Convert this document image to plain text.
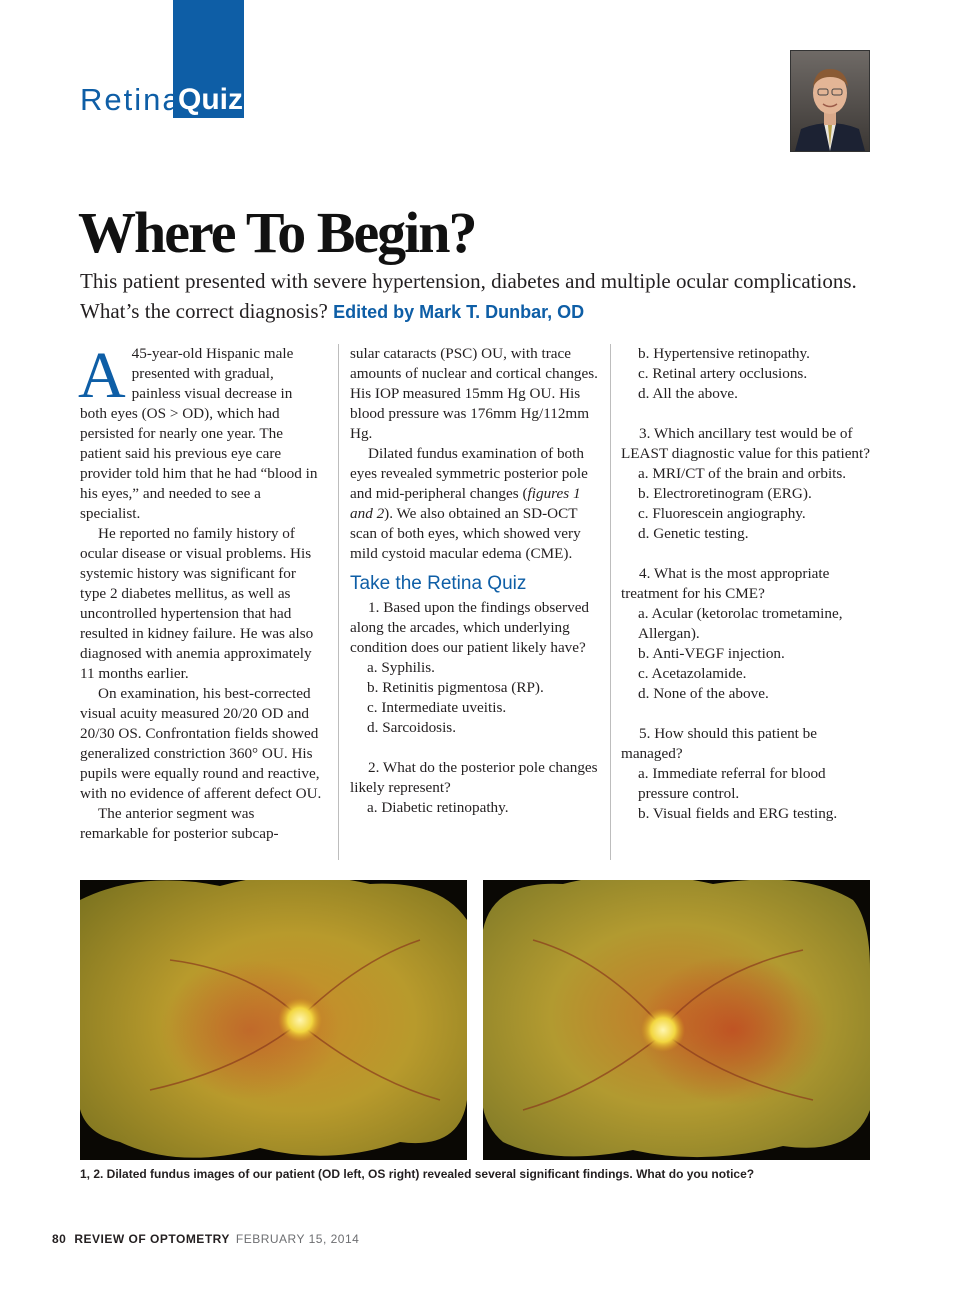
Retina
Quiz
Where To Begin?
This patient presented with severe hypertension, diabetes and multiple ocular complications. What’s the correct diagnosis? Edited by Mark T. Dunbar, OD

A 45-year-old Hispanic male presented with gradual, painless visual decrease in both eyes (OS > OD), which had persisted for nearly one year. The patient said his previous eye care provider told him that he had “blood in his eyes,” and needed to see a specialist.

He reported no family history of ocular disease or visual problems. His systemic history was significant for type 2 diabetes mellitus, as well as uncontrolled hypertension that had resulted in kidney failure. He was also diagnosed with anemia approximately 11 months earlier.

On examination, his best-corrected visual acuity measured 20/20 OD and 20/30 OS. Confrontation fields showed generalized constriction 360° OU. His pupils were equally round and reactive, with no evidence of afferent defect OU.

The anterior segment was remarkable for posterior subcap-

sular cataracts (PSC) OU, with trace amounts of nuclear and cortical changes. His IOP measured 15mm Hg OU. His blood pressure was 176mm Hg/112mm Hg.

Dilated fundus examination of both eyes revealed symmetric posterior pole and mid-peripheral changes (figures 1 and 2). We also obtained an SD-OCT scan of both eyes, which showed very mild cystoid macular edema (CME).

Take the Retina Quiz

1. Based upon the findings observed along the arcades, which underlying condition does our patient likely have?

a. Syphilis.

b. Retinitis pigmentosa (RP).

c. Intermediate uveitis.

d. Sarcoidosis.

2. What do the posterior pole changes likely represent?

a. Diabetic retinopathy.

b. Hypertensive retinopathy.

c. Retinal artery occlusions.

d. All the above.

3. Which ancillary test would be of LEAST diagnostic value for this patient?

a. MRI/CT of the brain and orbits.

b. Electroretinogram (ERG).

c. Fluorescein angiography.

d. Genetic testing.

4. What is the most appropriate treatment for his CME?

a. Acular (ketorolac trometamine, Allergan).

b. Anti-VEGF injection.

c. Acetazolamide.

d. None of the above.

5. How should this patient be managed?

a. Immediate referral for blood pressure control.

b. Visual fields and ERG testing.

1, 2. Dilated fundus images of our patient (OD left, OS right) revealed several significant findings. What do you notice?
80 REVIEW OF OPTOMETRY FEBRUARY 15, 2014
